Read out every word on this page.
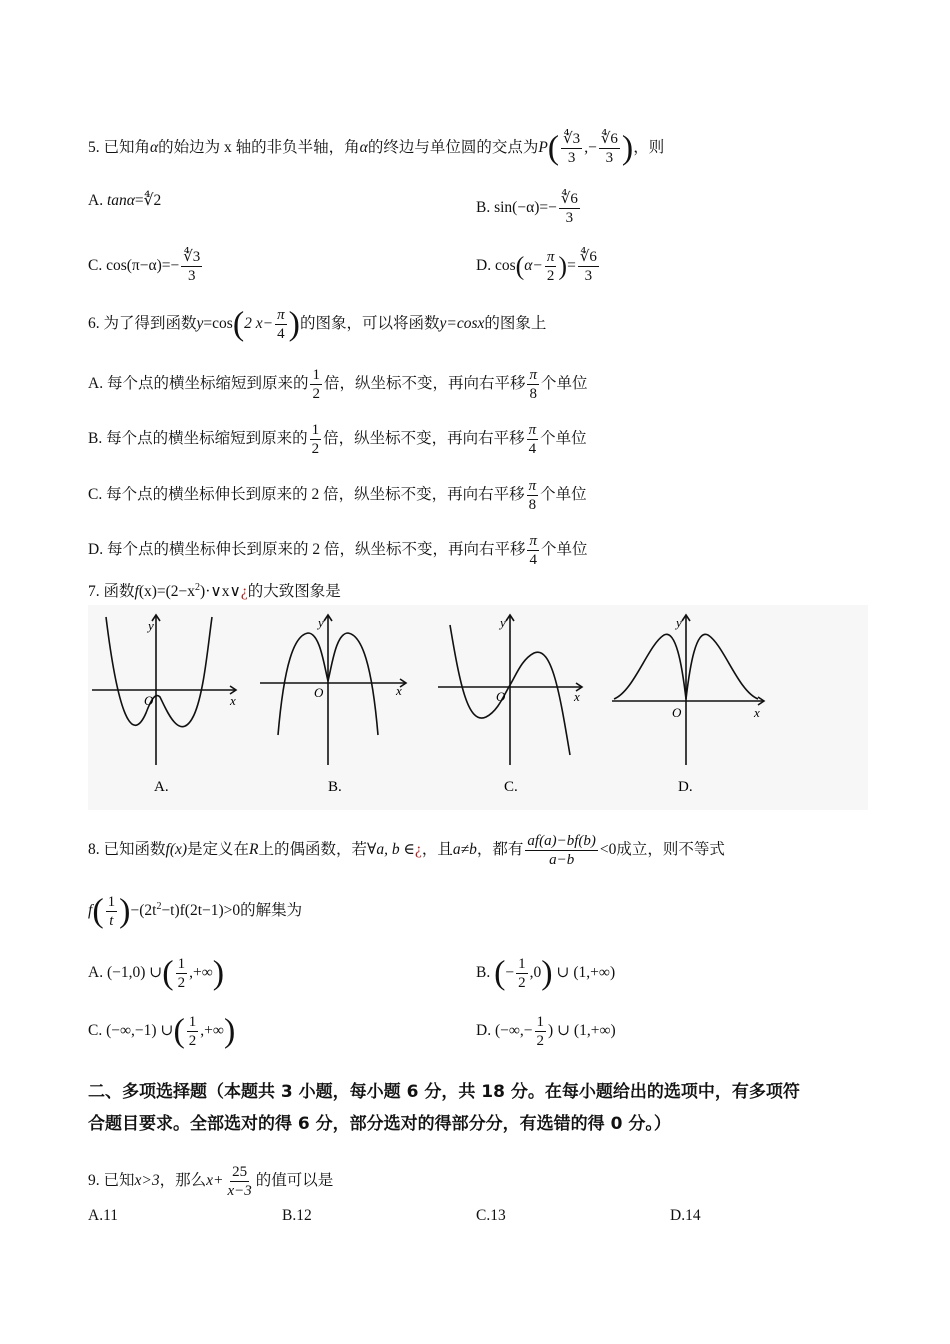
5. 已知角α的始边为 x 轴的非负半轴，角α的终边与单位圆的交点为$P( \frac{∜3}{3}$ ,− $\frac{∜6}{3}$ )，则
A. tanα=∜2	B. $\sin(-\alpha)=- \frac{∜6}{3}$
C. $\cos(\pi-\alpha)=- \frac{∜3}{3}$	D. $\cos(\alpha- \frac{\pi}{2}$ )= $\frac{∜6}{3}$
6. 为了得到函数y=cos(2 $x- \frac{\pi}{4}$ )的图象，可以将函数y=cosx的图象上
A. 每个点的横坐标缩短到原来的 $\frac{1}{2}$ 倍，纵坐标不变，再向右平移 $\frac{\pi}{8}$ 个单位
B. 每个点的横坐标缩短到原来的 $\frac{1}{2}$ 倍，纵坐标不变，再向右平移 $\frac{\pi}{4}$ 个单位
C. 每个点的横坐标伸长到原来的 2 倍，纵坐标不变，再向右平移 $\frac{\pi}{8}$ 个单位
D. 每个点的横坐标伸长到原来的 2 倍，纵坐标不变，再向右平移 $\frac{\pi}{4}$ 个单位
7. 函数$f(x)=(2-x^2)\cdot\vee x\vee¿$的大致图象是
y
x
O
A.
y
x
O
B.
y
x
O
C.
y
x
O
D.
8. 已知函数f(x)是定义在R上的偶函数，若∀a, b ∈¿，且a≠b，都有 $\frac{af(a)-bf(b)}{a-b} <0$成立，则不等式
$f( \frac{1}{t} )-(2t^2-t)f(2t-1)>0$的解集为
A. (−1,0) ∪( $\frac{1}{2}$ ,+∞)	B. (− $\frac{1}{2} ,0$) ∪ (1,+∞)
C. (−∞,−1) ∪( $\frac{1}{2}$ ,+∞)	D. (−∞,− $\frac{1}{2}$ ) ∪ (1,+∞)
二、多项选择题（本题共 3 小题，每小题 6 分，共 18 分。在每小题给出的选项中，有多项符
合题目要求。全部选对的得 6 分，部分选对的得部分分，有选错的得 0 分。）
9. 已知x>3，那么$x+ \frac{25}{x-3}$ 的值可以是
A.11	B.12	C.13	D.14
